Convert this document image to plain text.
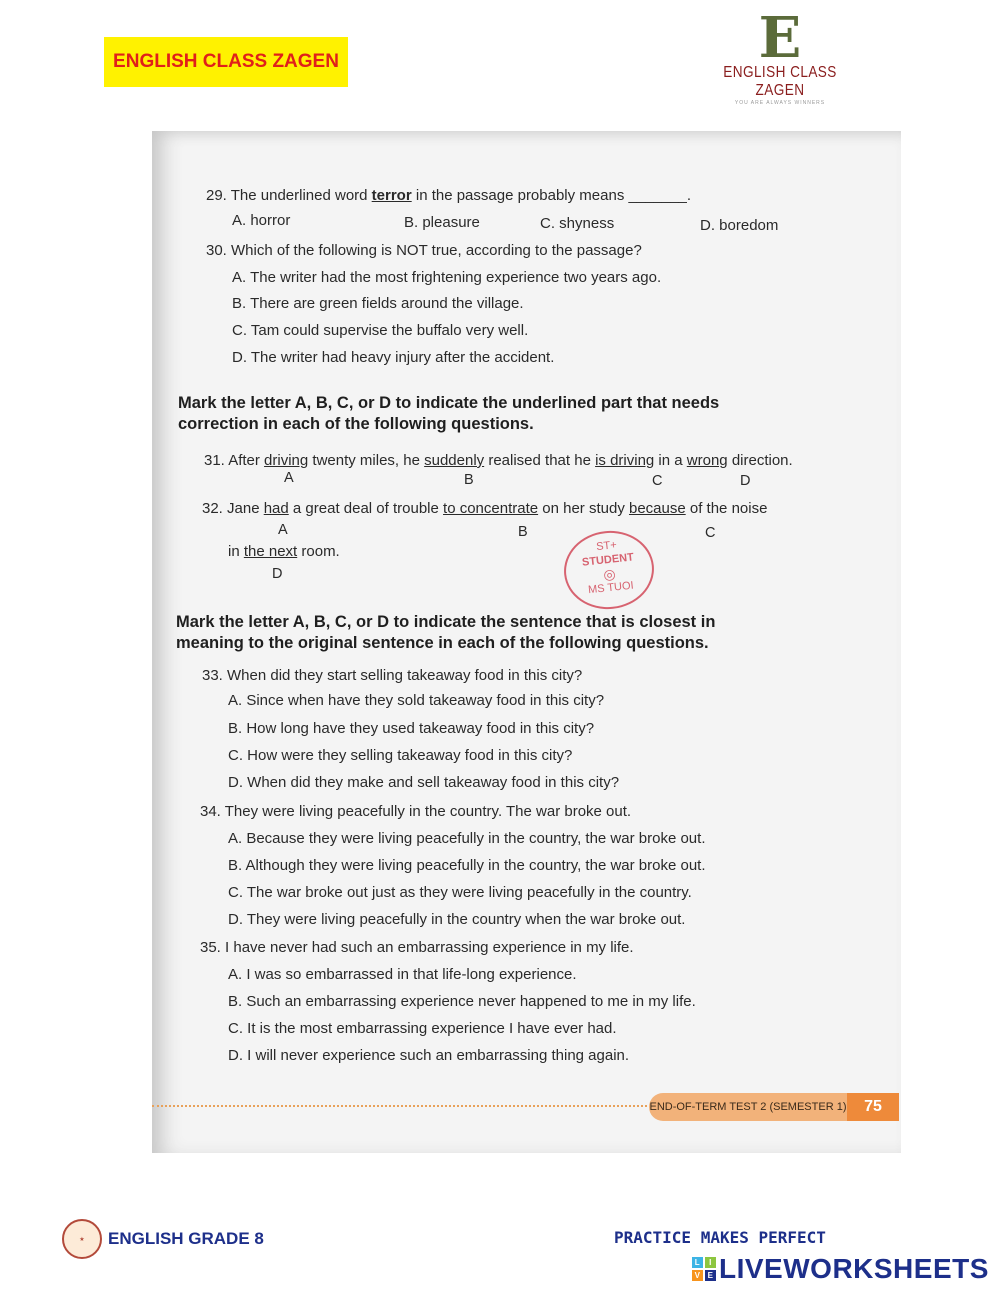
ENGLISH CLASS ZAGEN	E
ENGLISH CLASS ZAGEN
YOU ARE ALWAYS WINNERS
29. The underlined word terror in the passage probably means _______.
A. horror	B. pleasure	C. shyness	D. boredom
30. Which of the following is NOT true, according to the passage?
A. The writer had the most frightening experience two years ago.
B. There are green fields around the village.
C. Tam could supervise the buffalo very well.
D. The writer had heavy injury after the accident.
Mark the letter A, B, C, or D to indicate the underlined part that needs
correction in each of the following questions.
31. After driving twenty miles, he suddenly realised that he is driving in a wrong direction.
A	B	C	D
32. Jane had a great deal of trouble to concentrate on her study because of the noise
A	B	C
in the next room.
D
ST+
STUDENT
◎
MS TUOI
Mark the letter A, B, C, or D to indicate the sentence that is closest in
meaning to the original sentence in each of the following questions.
33. When did they start selling takeaway food in this city?
A. Since when have they sold takeaway food in this city?
B. How long have they used takeaway food in this city?
C. How were they selling takeaway food in this city?
D. When did they make and sell takeaway food in this city?
34. They were living peacefully in the country. The war broke out.
A. Because they were living peacefully in the country, the war broke out.
B. Although they were living peacefully in the country, the war broke out.
C. The war broke out just as they were living peacefully in the country.
D. They were living peacefully in the country when the war broke out.
35. I have never had such an embarrassing experience in my life.
A. I was so embarrassed in that life-long experience.
B. Such an embarrassing experience never happened to me in my life.
C. It is the most embarrassing experience I have ever had.
D. I will never experience such an embarrassing thing again.
END-OF-TERM TEST 2 (SEMESTER 1)	75
★	ENGLISH GRADE 8	PRACTICE MAKES PERFECT
L	I
V E LIVEWORKSHEETS
